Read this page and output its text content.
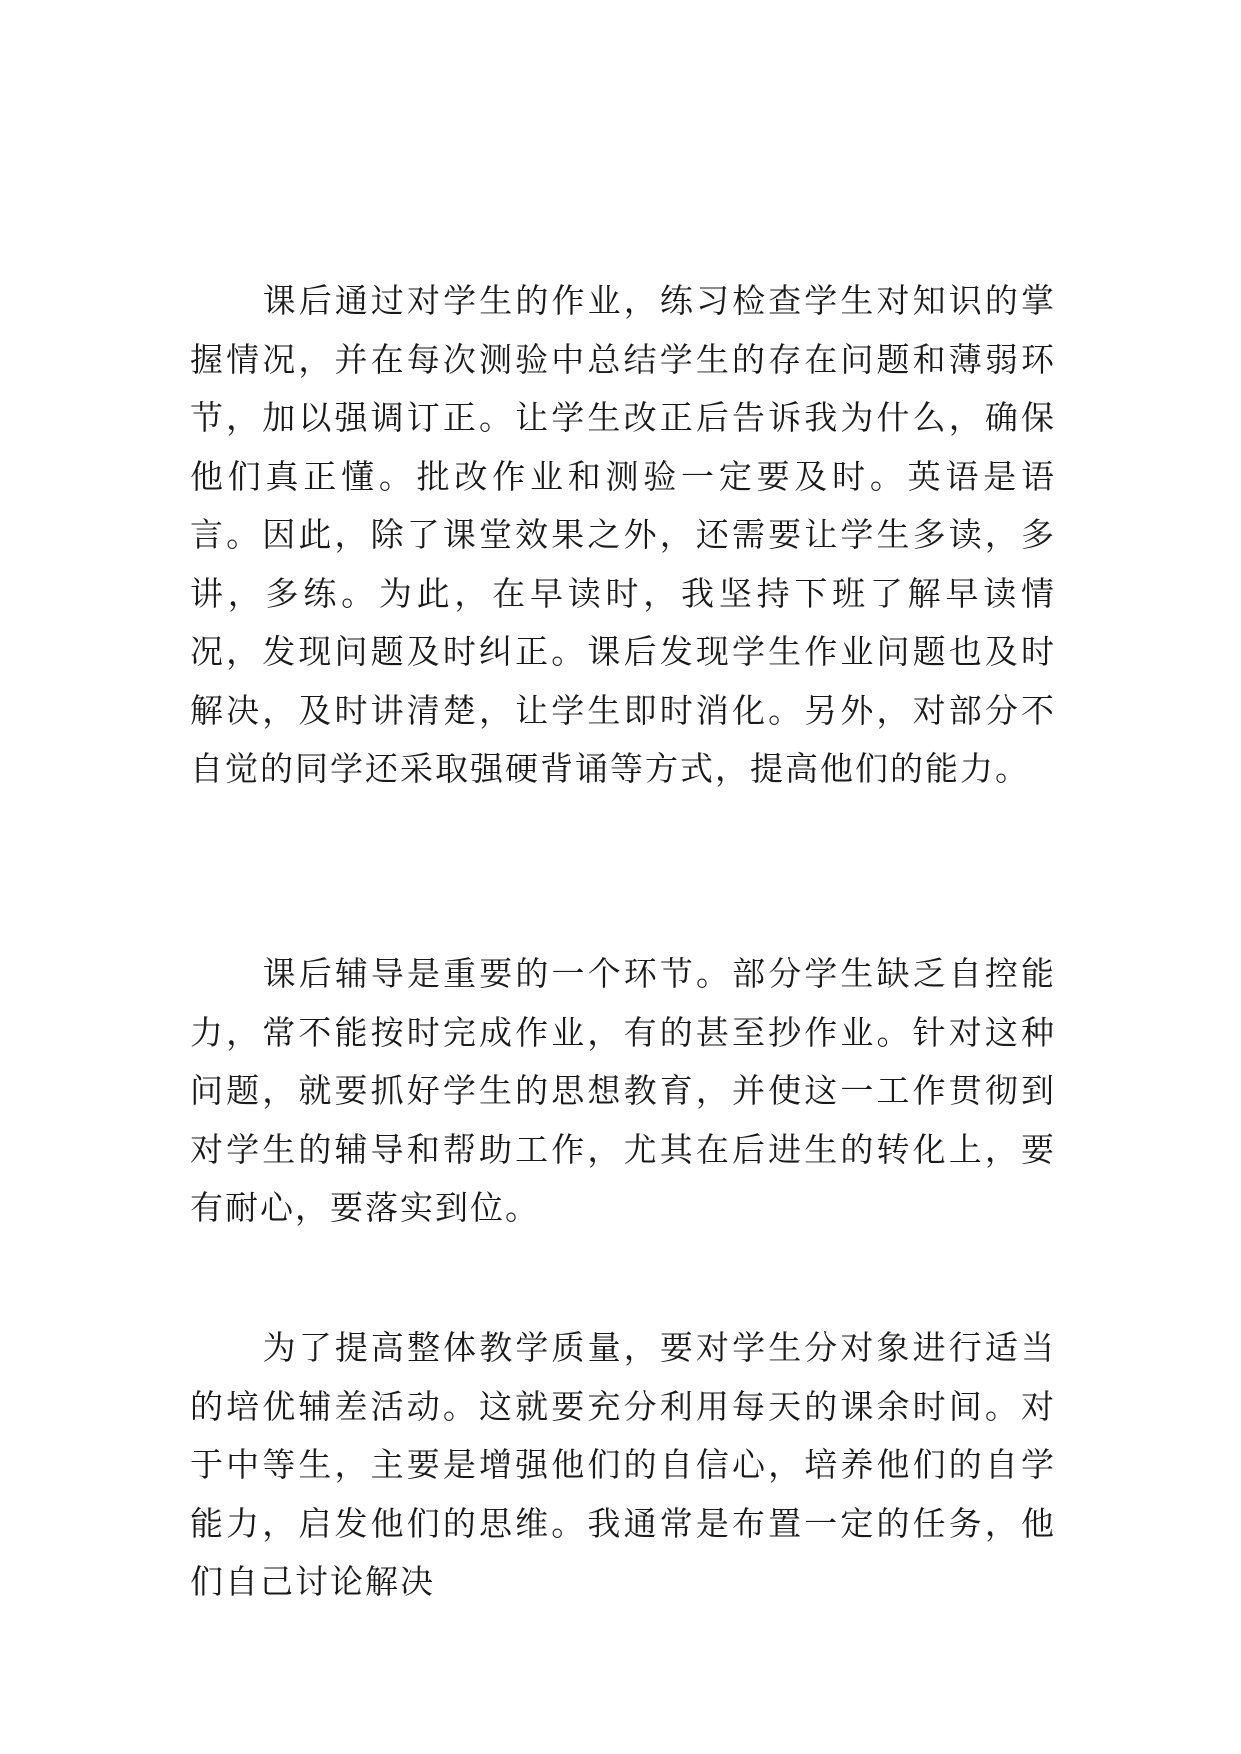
课后通过对学生的作业，练习检查学生对知识的掌握情况，并在每次测验中总结学生的存在问题和薄弱环节，加以强调订正。让学生改正后告诉我为什么，确保他们真正懂。批改作业和测验一定要及时。英语是语言。因此，除了课堂效果之外，还需要让学生多读，多讲，多练。为此，在早读时，我坚持下班了解早读情况，发现问题及时纠正。课后发现学生作业问题也及时解决，及时讲清楚，让学生即时消化。另外，对部分不自觉的同学还采取强硬背诵等方式，提高他们的能力。

课后辅导是重要的一个环节。部分学生缺乏自控能力，常不能按时完成作业，有的甚至抄作业。针对这种问题，就要抓好学生的思想教育，并使这一工作贯彻到对学生的辅导和帮助工作，尤其在后进生的转化上，要有耐心，要落实到位。

为了提高整体教学质量，要对学生分对象进行适当的培优辅差活动。这就要充分利用每天的课余时间。对于中等生，主要是增强他们的自信心，培养他们的自学能力，启发他们的思维。我通常是布置一定的任务，他们自己讨论解决
